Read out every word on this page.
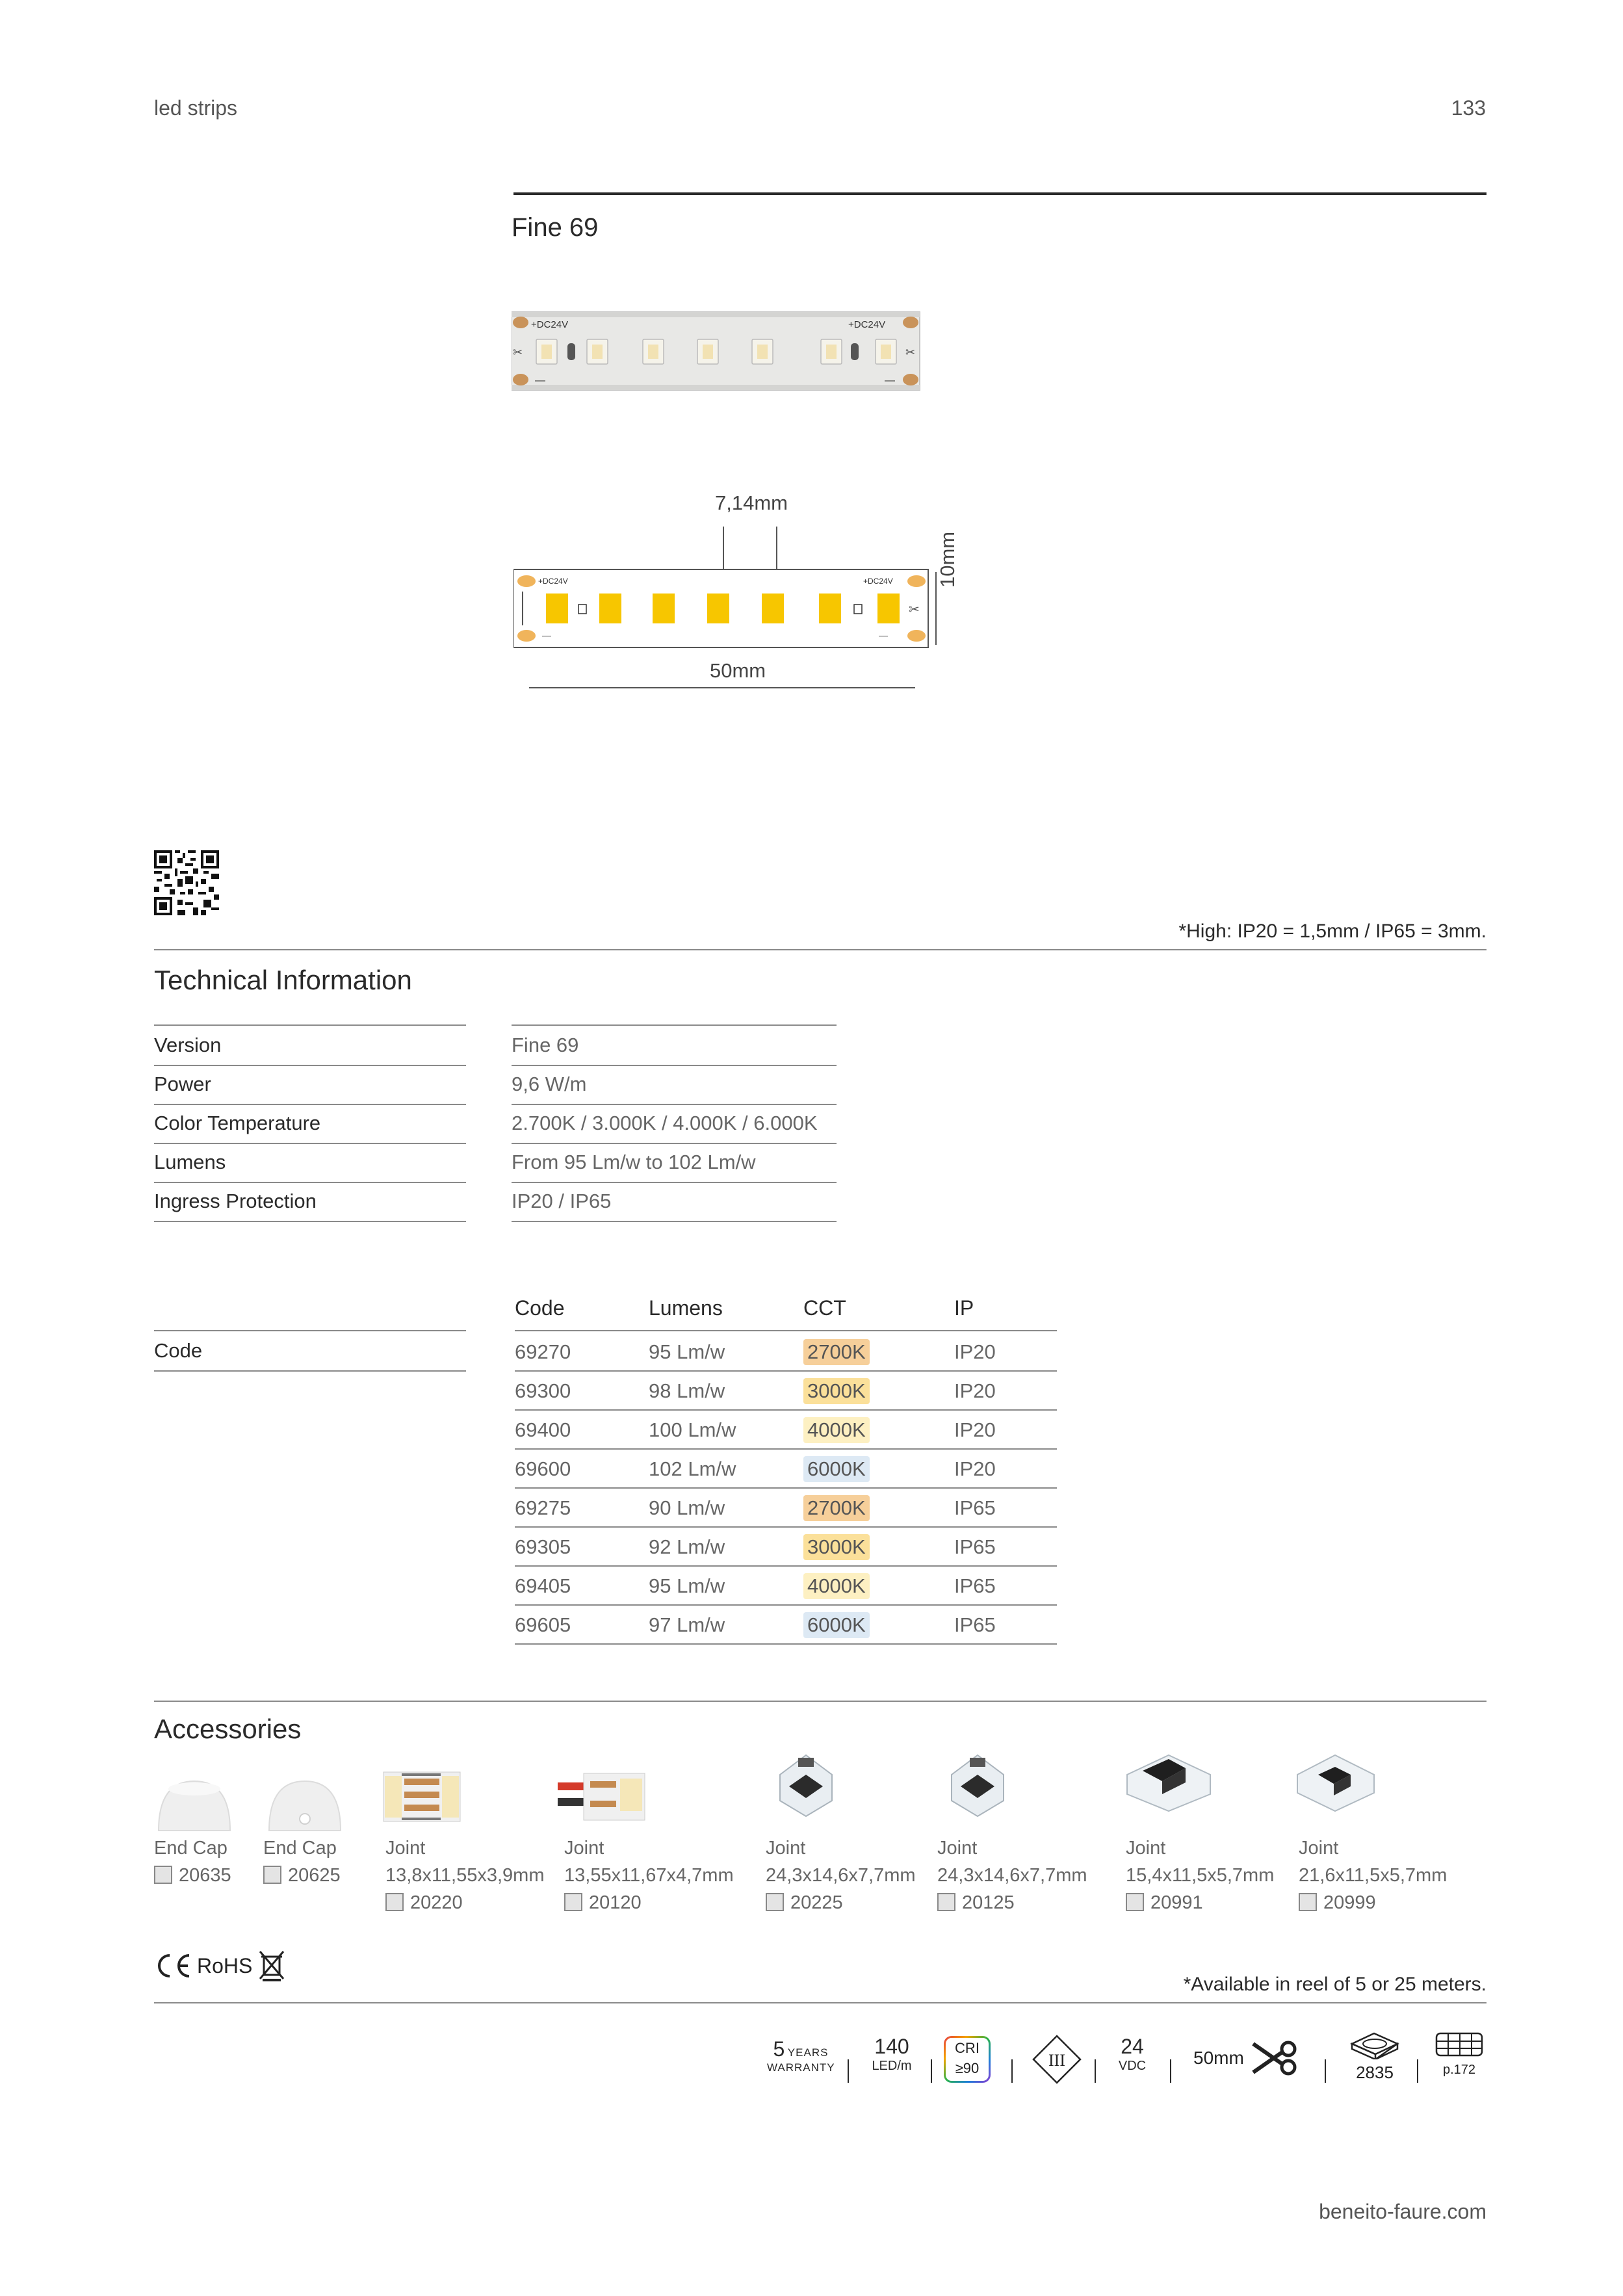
led strips	133
Fine 69
+DC24V	+DC24V
—	—
✂	✂
7,14mm
+DC24V	+DC24V
—	—
✂
50mm
10mm
*High: IP20 = 1,5mm / IP65 = 3mm.
Technical Information
Version	Fine 69
Power	9,6 W/m
Color Temperature	2.700K / 3.000K / 4.000K / 6.000K
Lumens	From 95 Lm/w to 102 Lm/w
Ingress Protection	IP20 / IP65
Code	Lumens	CCT	IP
Code	69270	95 Lm/w	2700K	IP20
69300	98 Lm/w	3000K	IP20
69400	100 Lm/w	4000K	IP20
69600	102 Lm/w	6000K	IP20
69275	90 Lm/w	2700K	IP65
69305	92 Lm/w	3000K	IP65
69405	95 Lm/w	4000K	IP65
69605	97 Lm/w	6000K	IP65
Accessories
End Cap
20635
End Cap
20625
Joint
13,8x11,55x3,9mm
20220
Joint
13,55x11,67x4,7mm
20120
Joint
24,3x14,6x7,7mm
20225
Joint
24,3x14,6x7,7mm
20125
Joint
15,4x11,5x5,7mm
20991
Joint
21,6x11,5x5,7mm
20999
RoHS
*Available in reel of 5 or 25 meters.
5 YEARS
WARRANTY
140
LED/m
CRI
≥90	III
24
VDC	50mm
2835	p.172
beneito-faure.com
